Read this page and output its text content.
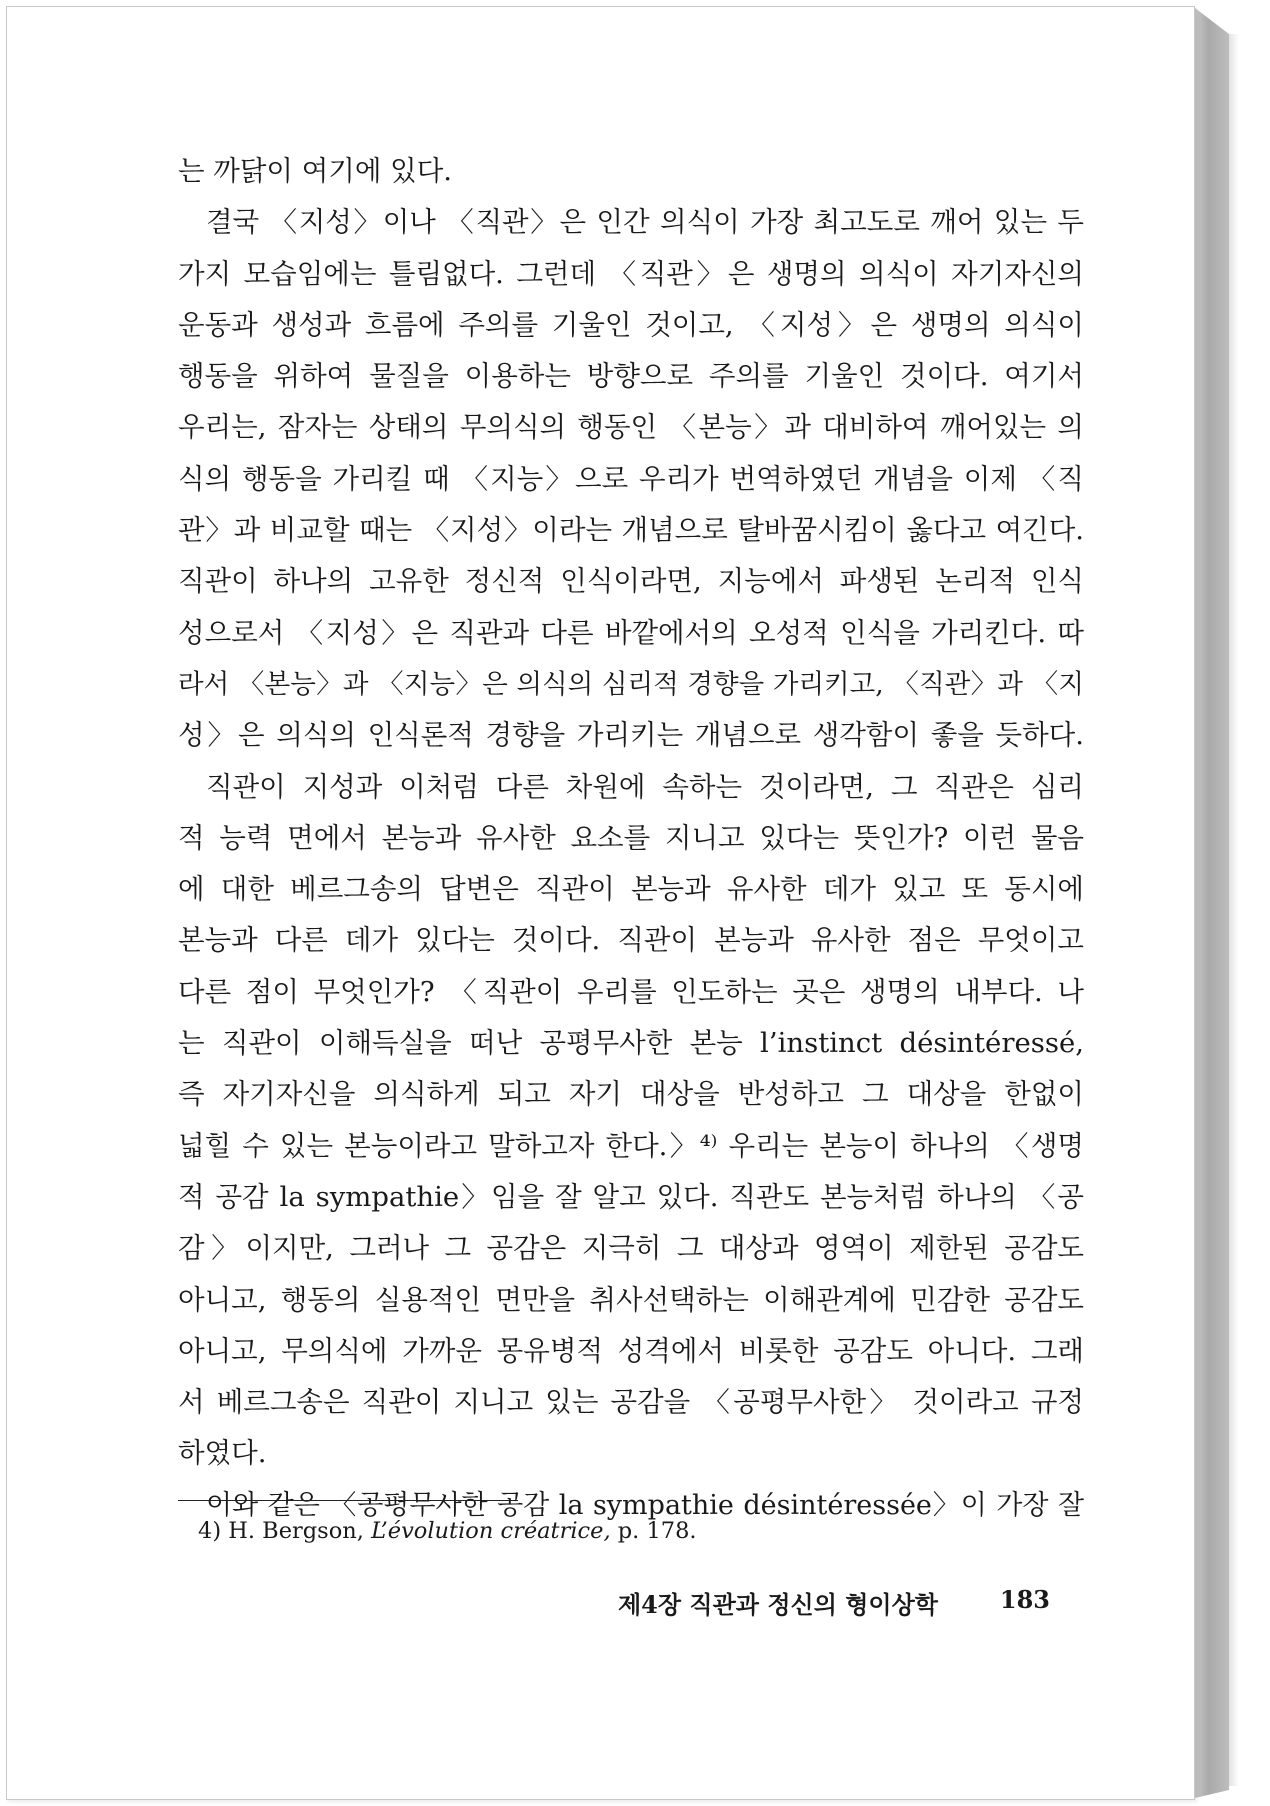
는 까닭이 여기에 있다.
결국 〈지성〉이나 〈직관〉은 인간 의식이 가장 최고도로 깨어 있는 두
가지 모습임에는 틀림없다. 그런데 〈직관〉은 생명의 의식이 자기자신의
운동과 생성과 흐름에 주의를 기울인 것이고, 〈지성〉은 생명의 의식이
행동을 위하여 물질을 이용하는 방향으로 주의를 기울인 것이다. 여기서
우리는, 잠자는 상태의 무의식의 행동인 〈본능〉과 대비하여 깨어있는 의
식의 행동을 가리킬 때 〈지능〉으로 우리가 번역하였던 개념을 이제 〈직
관〉과 비교할 때는 〈지성〉이라는 개념으로 탈바꿈시킴이 옳다고 여긴다.
직관이 하나의 고유한 정신적 인식이라면, 지능에서 파생된 논리적 인식
성으로서 〈지성〉은 직관과 다른 바깥에서의 오성적 인식을 가리킨다. 따
라서 〈본능〉과 〈지능〉은 의식의 심리적 경향을 가리키고, 〈직관〉과 〈지
성〉은 의식의 인식론적 경향을 가리키는 개념으로 생각함이 좋을 듯하다.
직관이 지성과 이처럼 다른 차원에 속하는 것이라면, 그 직관은 심리
적 능력 면에서 본능과 유사한 요소를 지니고 있다는 뜻인가? 이런 물음
에 대한 베르그송의 답변은 직관이 본능과 유사한 데가 있고 또 동시에
본능과 다른 데가 있다는 것이다. 직관이 본능과 유사한 점은 무엇이고
다른 점이 무엇인가? 〈직관이 우리를 인도하는 곳은 생명의 내부다. 나
는 직관이 이해득실을 떠난 공평무사한 본능 l’instinct désintéressé,
즉 자기자신을 의식하게 되고 자기 대상을 반성하고 그 대상을 한없이
넓힐 수 있는 본능이라고 말하고자 한다.〉⁴⁾ 우리는 본능이 하나의 〈생명
적 공감 la sympathie〉임을 잘 알고 있다. 직관도 본능처럼 하나의 〈공
감〉이지만, 그러나 그 공감은 지극히 그 대상과 영역이 제한된 공감도
아니고, 행동의 실용적인 면만을 취사선택하는 이해관계에 민감한 공감도
아니고, 무의식에 가까운 몽유병적 성격에서 비롯한 공감도 아니다. 그래
서 베르그송은 직관이 지니고 있는 공감을 〈공평무사한〉 것이라고 규정
하였다.
이와 같은 〈공평무사한 공감 la sympathie désintéressée〉이 가장 잘
4) H. Bergson, L’évolution créatrice, p. 178.
제4장 직관과 정신의 형이상학	183
